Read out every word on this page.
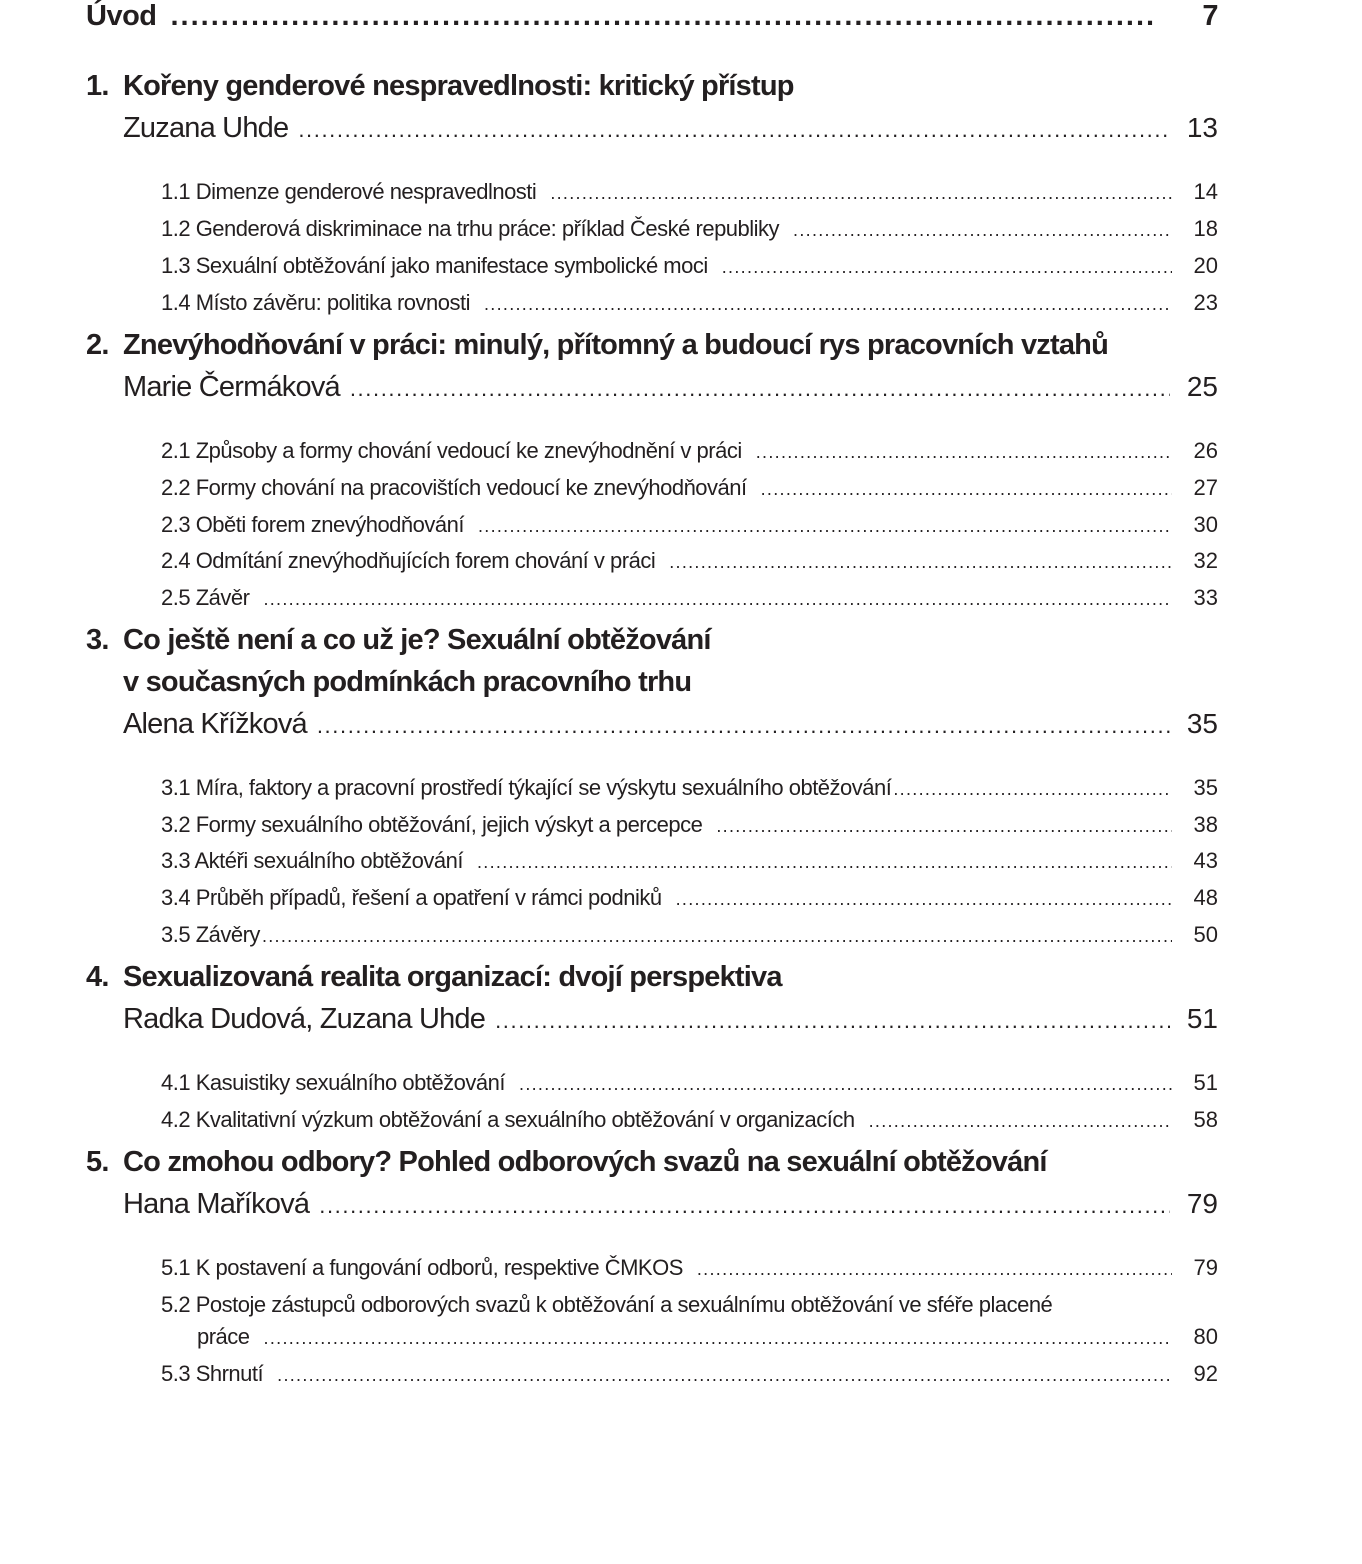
Úvod .....	7
1. Kořeny genderové nespravedlnosti: kritický přístup
Zuzana Uhde .....	13
1.1 Dimenze genderové nespravedlnosti .....	14
1.2 Genderová diskriminace na trhu práce: příklad České republiky .....	18
1.3 Sexuální obtěžování jako manifestace symbolické moci .....	20
1.4 Místo závěru: politika rovnosti .....	23
2. Znevýhodňování v práci: minulý, přítomný a budoucí rys pracovních vztahů
Marie Čermáková .....	25
2.1 Způsoby a formy chování vedoucí ke znevýhodnění v práci .....	26
2.2 Formy chování na pracovištích vedoucí ke znevýhodňování .....	27
2.3 Oběti forem znevýhodňování .....	30
2.4 Odmítání znevýhodňujících forem chování v práci .....	32
2.5 Závěr .....	33
3. Co ještě není a co už je? Sexuální obtěžování
v současných podmínkách pracovního trhu
Alena Křížková .....	35
3.1 Míra, faktory a pracovní prostředí týkající se výskytu sexuálního obtěžování .....	35
3.2 Formy sexuálního obtěžování, jejich výskyt a percepce .....	38
3.3 Aktéři sexuálního obtěžování .....	43
3.4 Průběh případů, řešení a opatření v rámci podniků .....	48
3.5 Závěry .....	50
4. Sexualizovaná realita organizací: dvojí perspektiva
Radka Dudová, Zuzana Uhde .....	51
4.1 Kasuistiky sexuálního obtěžování .....	51
4.2 Kvalitativní výzkum obtěžování a sexuálního obtěžování v organizacích .....	58
5. Co zmohou odbory? Pohled odborových svazů na sexuální obtěžování
Hana Maříková .....	79
5.1 K postavení a fungování odborů, respektive ČMKOS .....	79
5.2 Postoje zástupců odborových svazů k obtěžování a sexuálnímu obtěžování ve sféře placené
práce .....	80
5.3 Shrnutí .....	92
